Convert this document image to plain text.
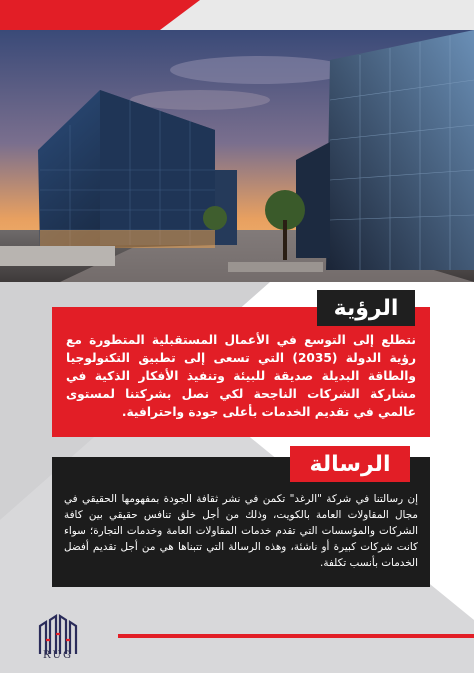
نتطلع إلى التوسع في الأعمال المستقبلية المتطورة مع رؤية الدولة (2035) التي تسعى إلى تطبيق التكنولوجيا والطاقة البديلة صديقة للبيئة وتنفيذ الأفكار الذكية في مشاركة الشركات الناجحة لكي نصل بشركتنا لمستوى عالمي في تقديم الخدمات بأعلى جودة واحترافية.

الرؤية

إن رسالتنا في شركة "الرغد" تكمن في نشر ثقافة الجودة بمفهومها الحقيقي في مجال المقاولات العامة بالكويت، وذلك من أجل خلق تنافس حقيقي بين كافة الشركات والمؤسسات التي تقدم خدمات المقاولات العامة وخدمات التجارة؛ سواء كانت شركات كبيرة أو ناشئة، وهذه الرسالة التي تتبناها هي من أجل تقديم أفضل الخدمات بأنسب تكلفة.

الرسالة
RUG
